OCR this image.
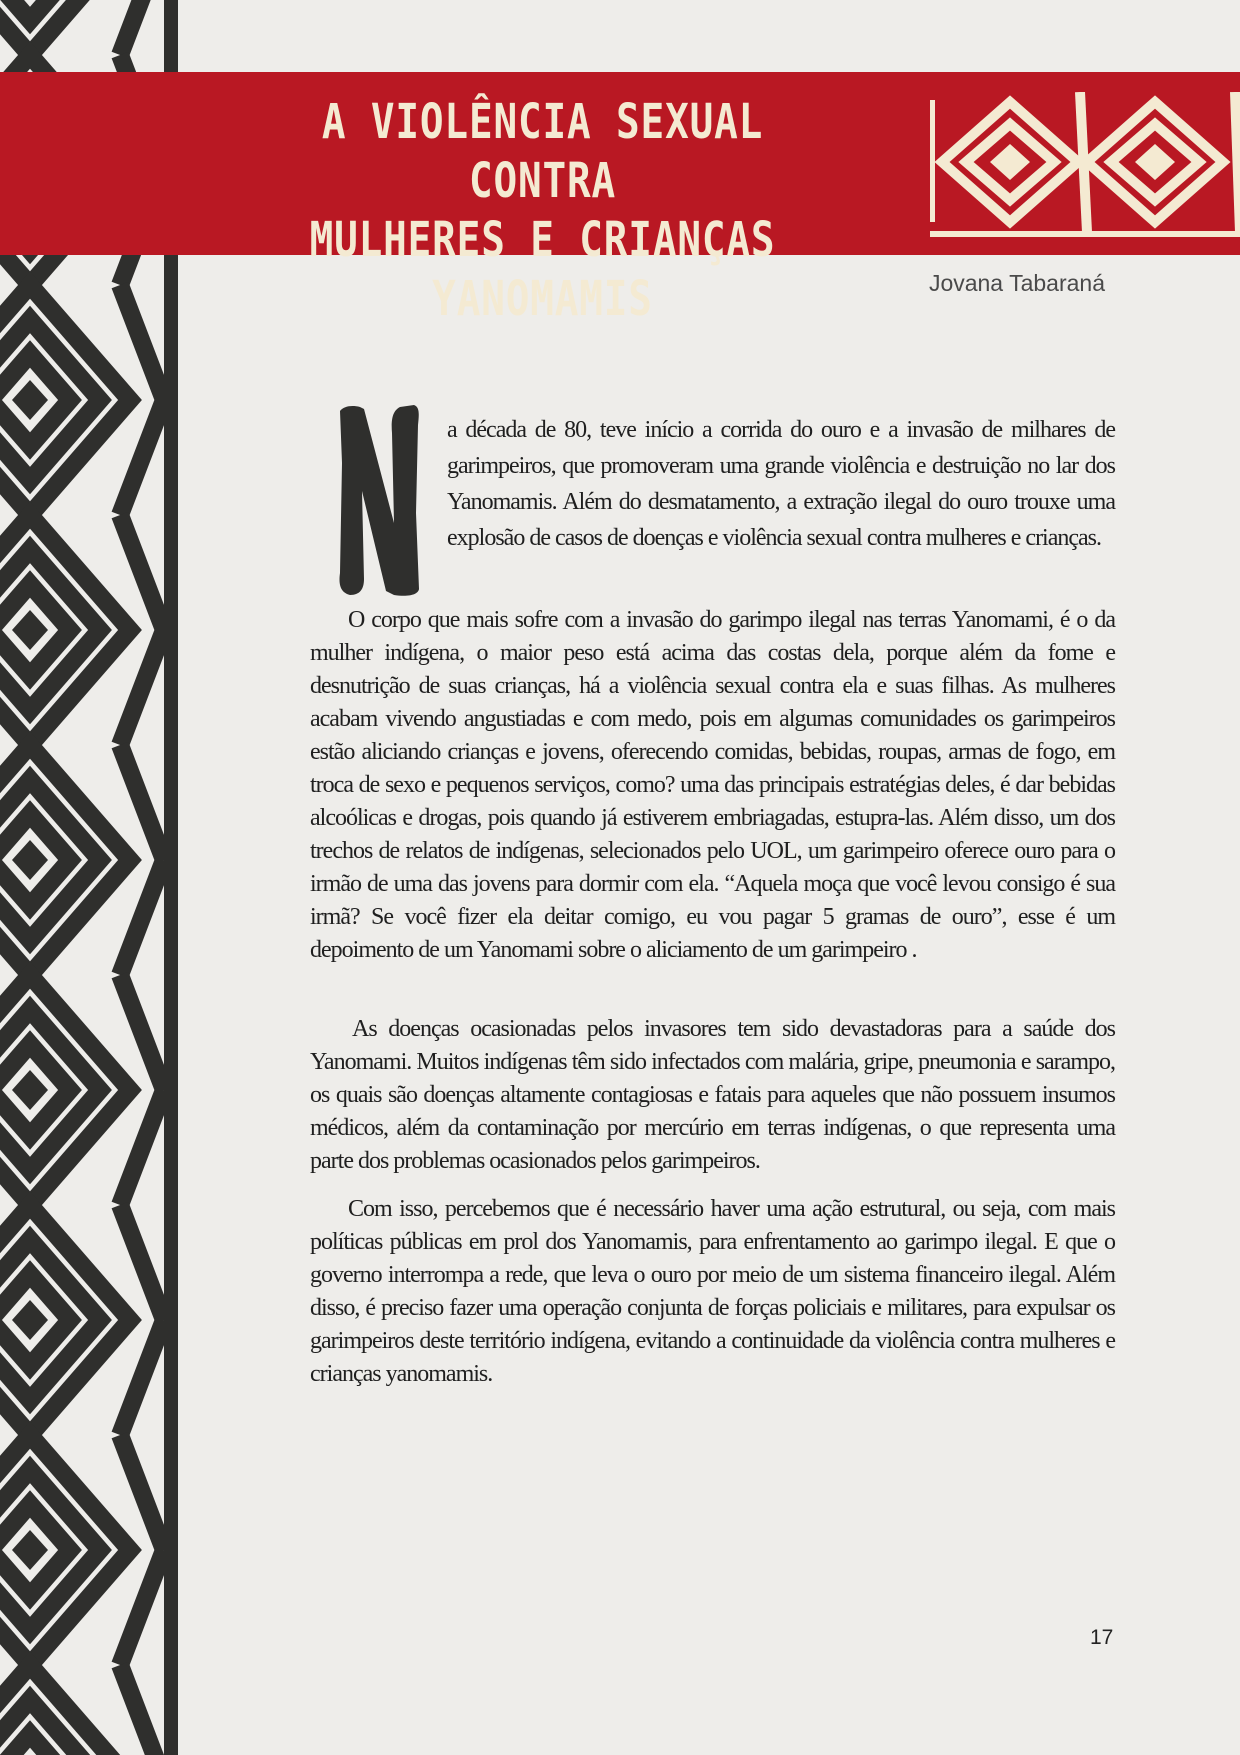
A VIOLÊNCIA SEXUAL CONTRA
MULHERES E CRIANÇAS YANOMAMIS	Jovana Tabaraná

N

a década de 80, teve início a corrida do ouro e a invasão de milhares de garimpeiros, que promoveram uma grande violência e destruição no lar dos Yanomamis. Além do desmatamento, a extração ilegal do ouro trouxe uma explosão de casos de doenças e violência sexual contra mulheres e crianças.

O corpo que mais sofre com a invasão do garimpo ilegal nas terras Yanomami, é o da mulher indígena, o maior peso está acima das costas dela, porque além da fome e desnutrição de suas crianças, há a violência sexual contra ela e suas filhas. As mulheres acabam vivendo angustiadas e com medo, pois em algumas comunidades os garimpeiros estão aliciando crianças e jovens, oferecendo comidas, bebidas, roupas, armas de fogo, em troca de sexo e pequenos serviços, como? uma das principais estratégias deles, é dar bebidas alcoólicas e drogas, pois quando já estiverem embriagadas, estupra-las. Além disso, um dos trechos de relatos de indígenas, selecionados pelo UOL, um garimpeiro oferece ouro para o irmão de uma das jovens para dormir com ela. “Aquela moça que você levou consigo é sua irmã? Se você fizer ela deitar comigo, eu vou pagar 5 gramas de ouro”, esse é um depoimento de um Yanomami sobre o aliciamento de um garimpeiro .

As doenças ocasionadas pelos invasores tem sido devastadoras para a saúde dos Yanomami. Muitos indígenas têm sido infectados com malária, gripe, pneumonia e sarampo, os quais são doenças altamente contagiosas e fatais para aqueles que não possuem insumos médicos, além da contaminação por mercúrio em terras indígenas, o que representa uma parte dos problemas ocasionados pelos garimpeiros.

Com isso, percebemos que é necessário haver uma ação estrutural, ou seja, com mais políticas públicas em prol dos Yanomamis, para enfrentamento ao garimpo ilegal. E que o governo interrompa a rede, que leva o ouro por meio de um sistema financeiro ilegal. Além disso, é preciso fazer uma operação conjunta de forças policiais e militares, para expulsar os garimpeiros deste território indígena, evitando a continuidade da violência contra mulheres e crianças yanomamis.

17
